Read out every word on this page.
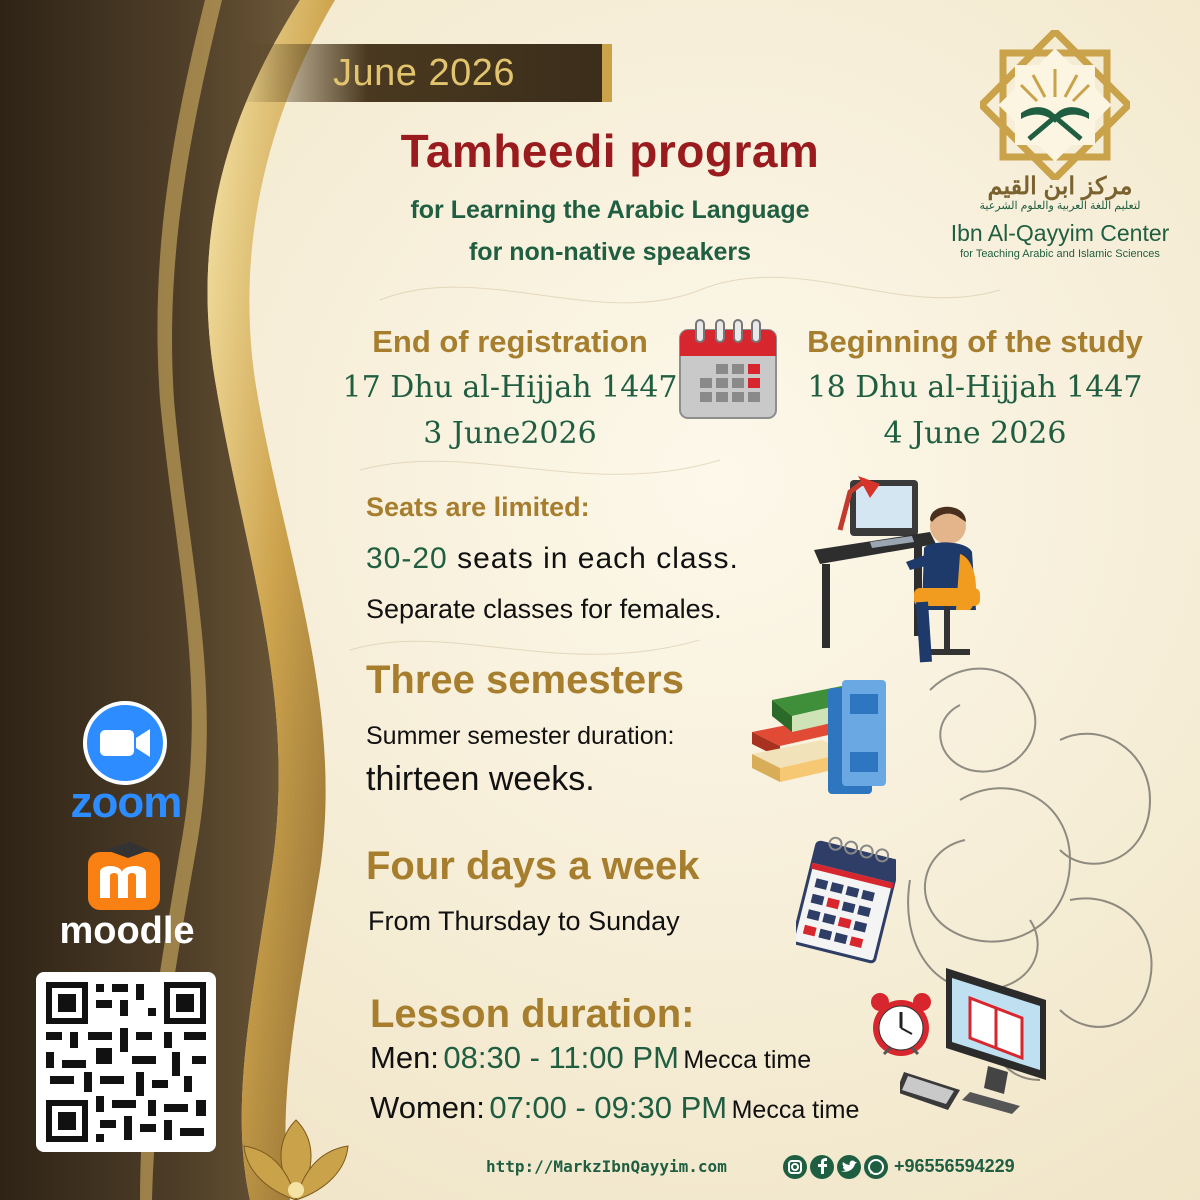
June 2026
Tamheedi program
for Learning the Arabic Language
for non-native speakers
مركز ابن القيم
لتعليم اللغة العربية والعلوم الشرعية
Ibn Al-Qayyim Center
for Teaching Arabic and Islamic Sciences
End of registration
17 Dhu al-Hijjah 1447
3 June2026
Beginning of the study
18 Dhu al-Hijjah 1447
4 June 2026
Seats are limited:
30-20 seats in each class.
Separate classes for females.
Three semesters
Summer semester duration:
thirteen weeks.
Four days a week
From Thursday to Sunday
Lesson duration:
Men: 08:30 - 11:00 PM Mecca time
Women: 07:00 - 09:30 PM Mecca time
zoom
moodle
http://MarkzIbnQayyim.com	+96556594229
